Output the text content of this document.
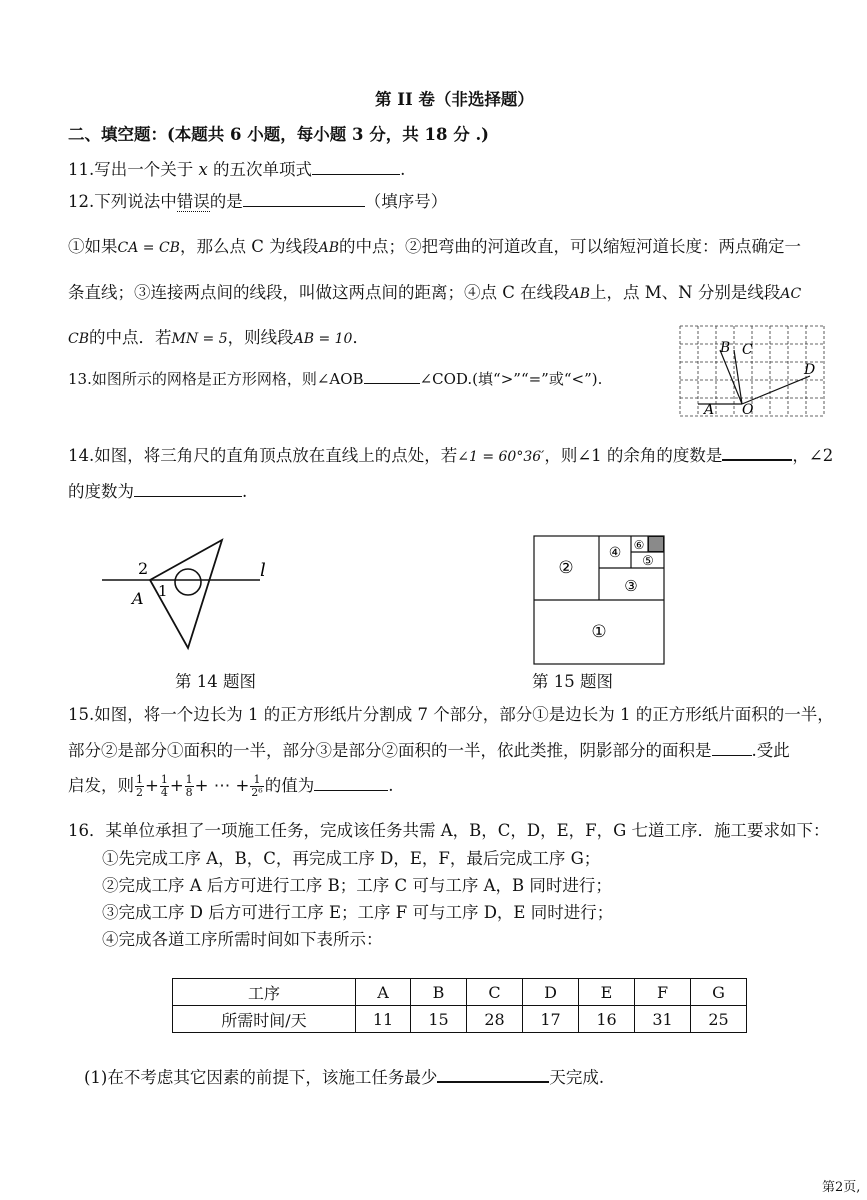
第 II 卷（非选择题）
二、填空题：(本题共 6 小题，每小题 3 分，共 18 分 .)
11.写出一个关于 x 的五次单项式	.
12.下列说法中错误的是	（填序号）
①如果CA = CB，那么点 C 为线段AB的中点；②把弯曲的河道改直，可以缩短河道长度：两点确定一
条直线；③连接两点间的线段，叫做这两点间的距离；④点 C 在线段AB上，点 M、N 分别是线段AC
CB的中点．若MN = 5，则线段AB = 10．
13.如图所示的网格是正方形网格，则∠AOB	∠COD.(填“>”“=”或“<”).
B C
D
A O
14.如图，将三角尺的直角顶点放在直线上的点处，若∠1 = 60°36′，则∠1 的余角的度数是	，∠2
的度数为	.
2
1
A
l
第 14 题图
①
②
③
④
⑤
⑥
第 15 题图
15.如图，将一个边长为 1 的正方形纸片分割成 7 个部分，部分①是边长为 1 的正方形纸片面积的一半，
部分②是部分①面积的一半，部分③是部分②面积的一半，依此类推，阴影部分的面积是 .受此
启发，则 $\frac{1}{2} + \frac{1}{4} + \frac{1}{8}$ + ⋯ + $\frac{1}{\text{2⁶}}$ 的值为	.
16．某单位承担了一项施工任务，完成该任务共需 A，B，C，D，E，F，G 七道工序．施工要求如下：
①先完成工序 A，B，C，再完成工序 D，E，F，最后完成工序 G；
②完成工序 A 后方可进行工序 B；工序 C 可与工序 A，B 同时进行；
③完成工序 D 后方可进行工序 E；工序 F 可与工序 D，E 同时进行；
④完成各道工序所需时间如下表所示：
工序	A	B	C	D	E	F	G
所需时间/天	11	15	28	17	16	31	25
(1)在不考虑其它因素的前提下，该施工任务最少	天完成.
第2页,
